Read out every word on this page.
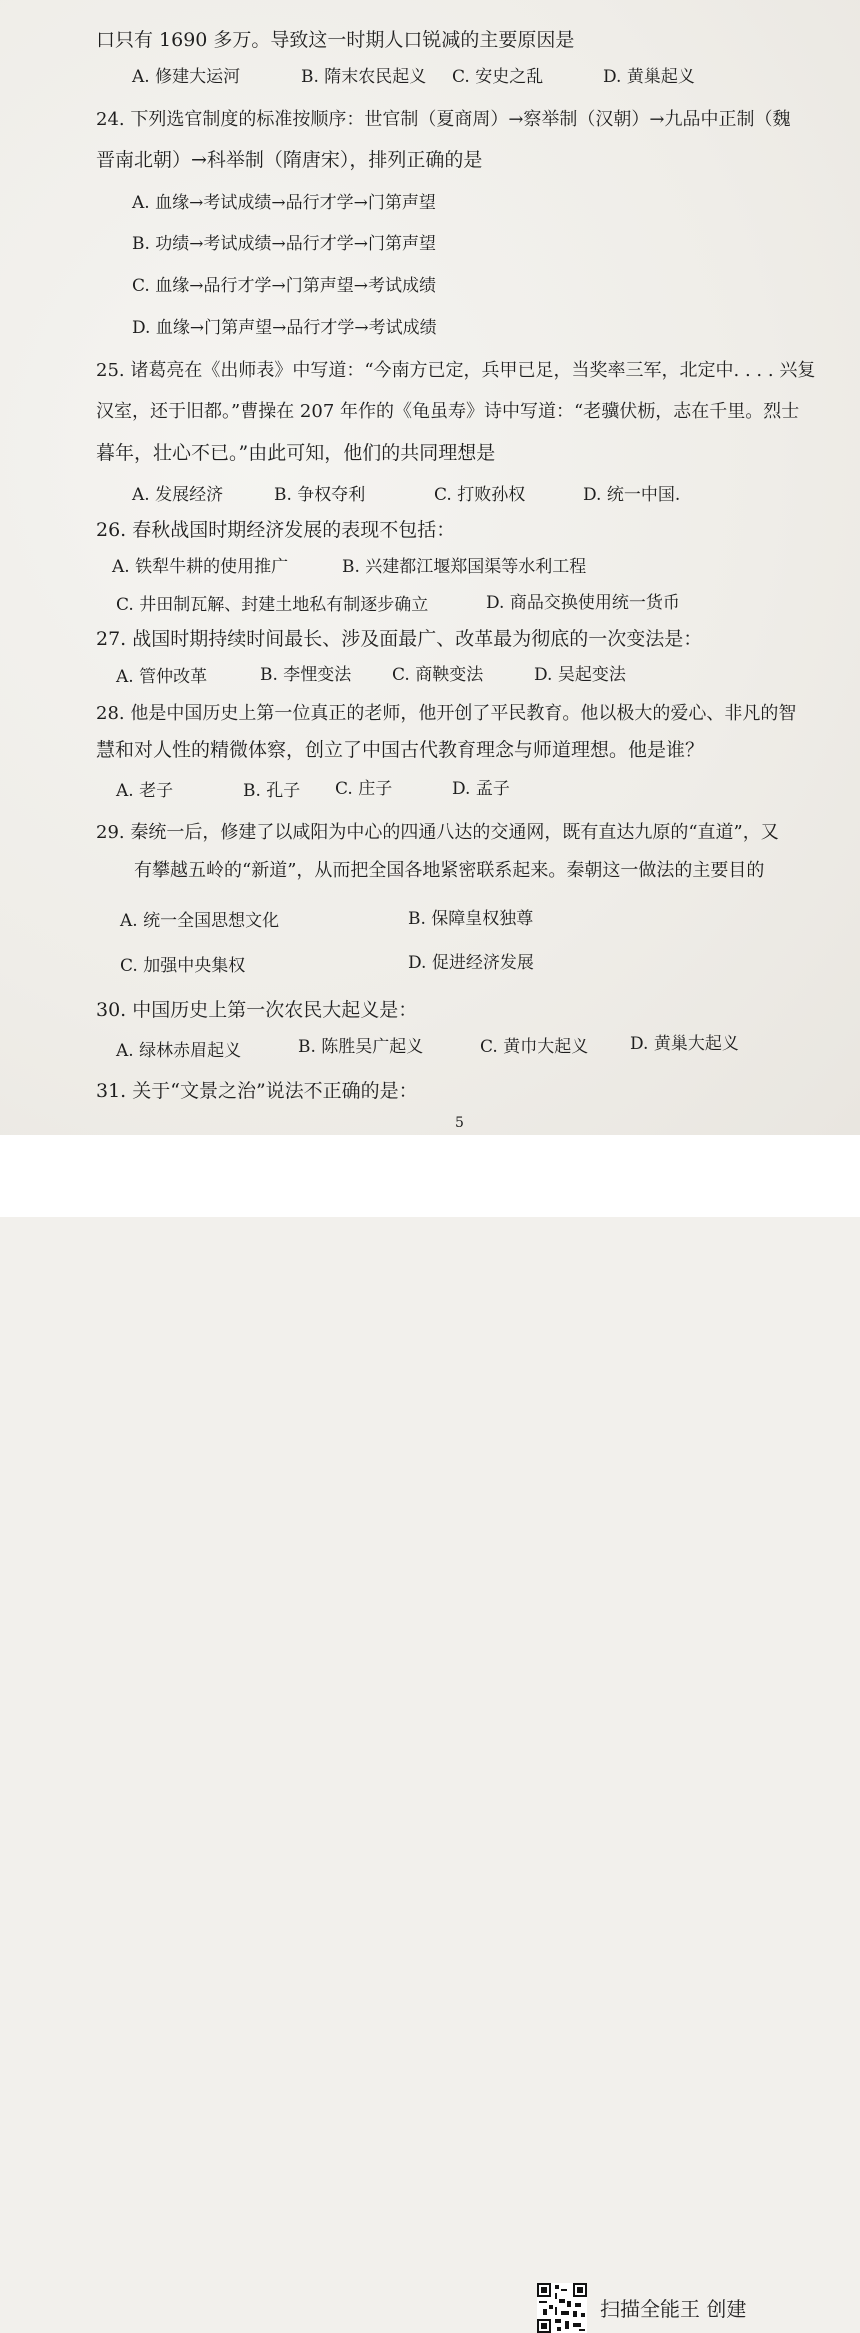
口只有 1690 多万。导致这一时期人口锐减的主要原因是
A. 修建大运河	B. 隋末农民起义 C. 安史之乱	D. 黄巢起义
24. 下列选官制度的标准按顺序：世官制（夏商周）→察举制（汉朝）→九品中正制（魏
晋南北朝）→科举制（隋唐宋），排列正确的是
A. 血缘→考试成绩→品行才学→门第声望
B. 功绩→考试成绩→品行才学→门第声望
C. 血缘→品行才学→门第声望→考试成绩
D. 血缘→门第声望→品行才学→考试成绩
25. 诸葛亮在《出师表》中写道：“今南方已定，兵甲已足，当奖率三军，北定中. . . . 兴复
汉室，还于旧都。”曹操在 207 年作的《龟虽寿》诗中写道：“老骥伏枥，志在千里。烈士
暮年，壮心不已。”由此可知，他们的共同理想是
A. 发展经济	B. 争权夺利	C. 打败孙权	D. 统一中国.
26. 春秋战国时期经济发展的表现不包括：
A. 铁犁牛耕的使用推广	B. 兴建都江堰郑国渠等水利工程
C. 井田制瓦解、封建土地私有制逐步确立	D. 商品交换使用统一货币
27. 战国时期持续时间最长、涉及面最广、改革最为彻底的一次变法是：
A. 管仲改革	B. 李悝变法 C. 商鞅变法	D. 吴起变法
28. 他是中国历史上第一位真正的老师，他开创了平民教育。他以极大的爱心、非凡的智
慧和对人性的精微体察，创立了中国古代教育理念与师道理想。他是谁？
A. 老子	B. 孔子 C. 庄子	D. 孟子
29. 秦统一后，修建了以咸阳为中心的四通八达的交通网，既有直达九原的“直道”，又
有攀越五岭的“新道”，从而把全国各地紧密联系起来。秦朝这一做法的主要目的
A. 统一全国思想文化	B. 保障皇权独尊
C. 加强中央集权	D. 促进经济发展
30. 中国历史上第一次农民大起义是：
A. 绿林赤眉起义	B. 陈胜吴广起义	C. 黄巾大起义 D. 黄巢大起义
31. 关于“文景之治”说法不正确的是：
5
扫描全能王 创建
